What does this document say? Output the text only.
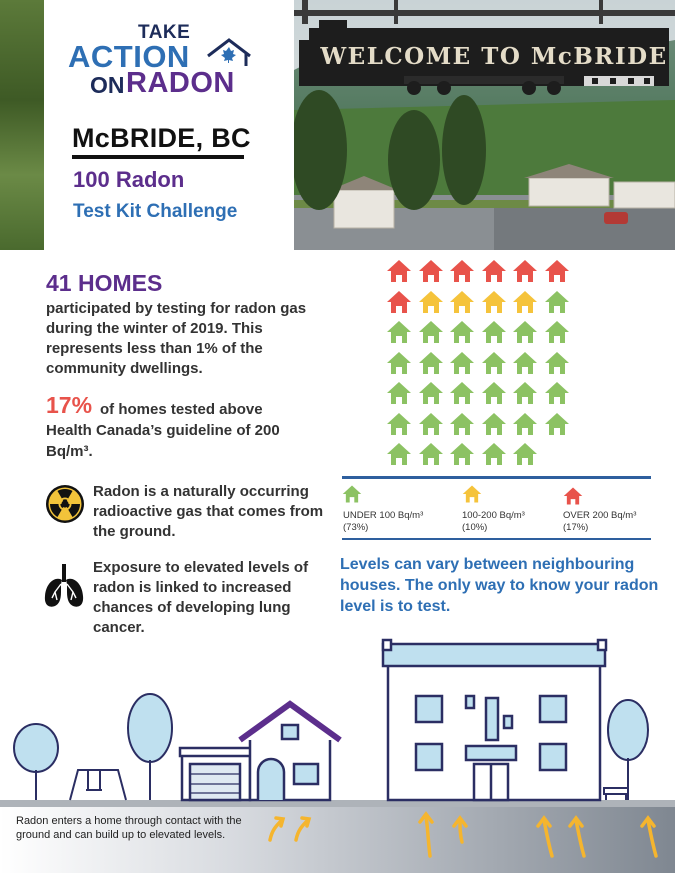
TAKE
ACTION
ON RADON
McBRIDE, BC
100 Radon
Test Kit Challenge
WELCOME TO McBRIDE
41 HOMES
participated by testing for radon gas during the winter of 2019. This represents less than 1% of the community dwellings.
17% of homes tested above Health Canada’s guideline of 200 Bq/m³.
Radon is a naturally occurring radioactive gas that comes from the ground.
Exposure to elevated levels of radon is linked to increased chances of developing lung cancer.
UNDER 100 Bq/m³
(73%)
100-200 Bq/m³
(10%)
OVER 200 Bq/m³
(17%)
Levels can vary between neighbouring houses. The only way to know your radon level is to test.
Radon enters a home through contact with the ground and can build up to elevated levels.
